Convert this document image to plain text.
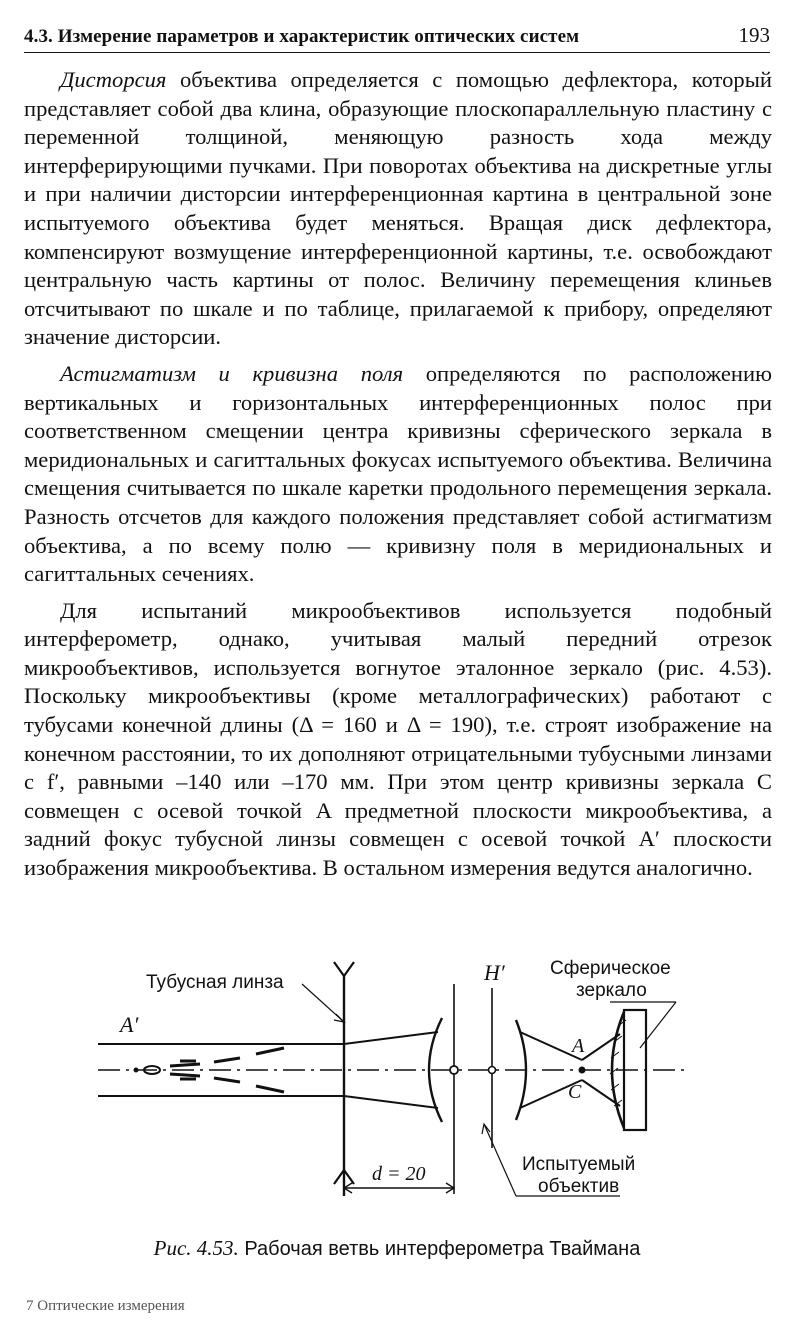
4.3. Измерение параметров и характеристик оптических систем	193

Дисторсия объектива определяется с помощью дефлектора, который представляет собой два клина, образующие плоскопараллельную пластину с переменной толщиной, меняющую разность хода между интерферирующими пучками. При поворотах объектива на дискретные углы и при наличии дисторсии интерференционная картина в центральной зоне испытуемого объектива будет меняться. Вращая диск дефлектора, компенсируют возмущение интерференционной картины, т.е. освобождают центральную часть картины от полос. Величину перемещения клиньев отсчитывают по шкале и по таблице, прилагаемой к прибору, определяют значение дисторсии.

Астигматизм и кривизна поля определяются по расположению вертикальных и горизонтальных интерференционных полос при соответственном смещении центра кривизны сферического зеркала в меридиональных и сагиттальных фокусах испытуемого объектива. Величина смещения считывается по шкале каретки продольного перемещения зеркала. Разность отсчетов для каждого положения представляет собой астигматизм объектива, а по всему полю — кривизну поля в меридиональных и сагиттальных сечениях.

Для испытаний микрообъективов используется подобный интерферометр, однако, учитывая малый передний отрезок микрообъективов, используется вогнутое эталонное зеркало (рис. 4.53). Поскольку микрообъективы (кроме металлографических) работают с тубусами конечной длины (Δ = 160 и Δ = 190), т.е. строят изображение на конечном расстоянии, то их дополняют отрицательными тубусными линзами с f′, равными –140 или –170 мм. При этом центр кривизны зеркала C совмещен с осевой точкой A предметной плоскости микрообъектива, а задний фокус тубусной линзы совмещен с осевой точкой A′ плоскости изображения микрообъектива. В остальном измерения ведутся аналогично.

Тубусная линза
A′
H′ Сферическое
зеркало
A
C
d = 20	Испытуемый
объектив
Рис. 4.53. Рабочая ветвь интерферометра Тваймана
7 Оптические измерения
